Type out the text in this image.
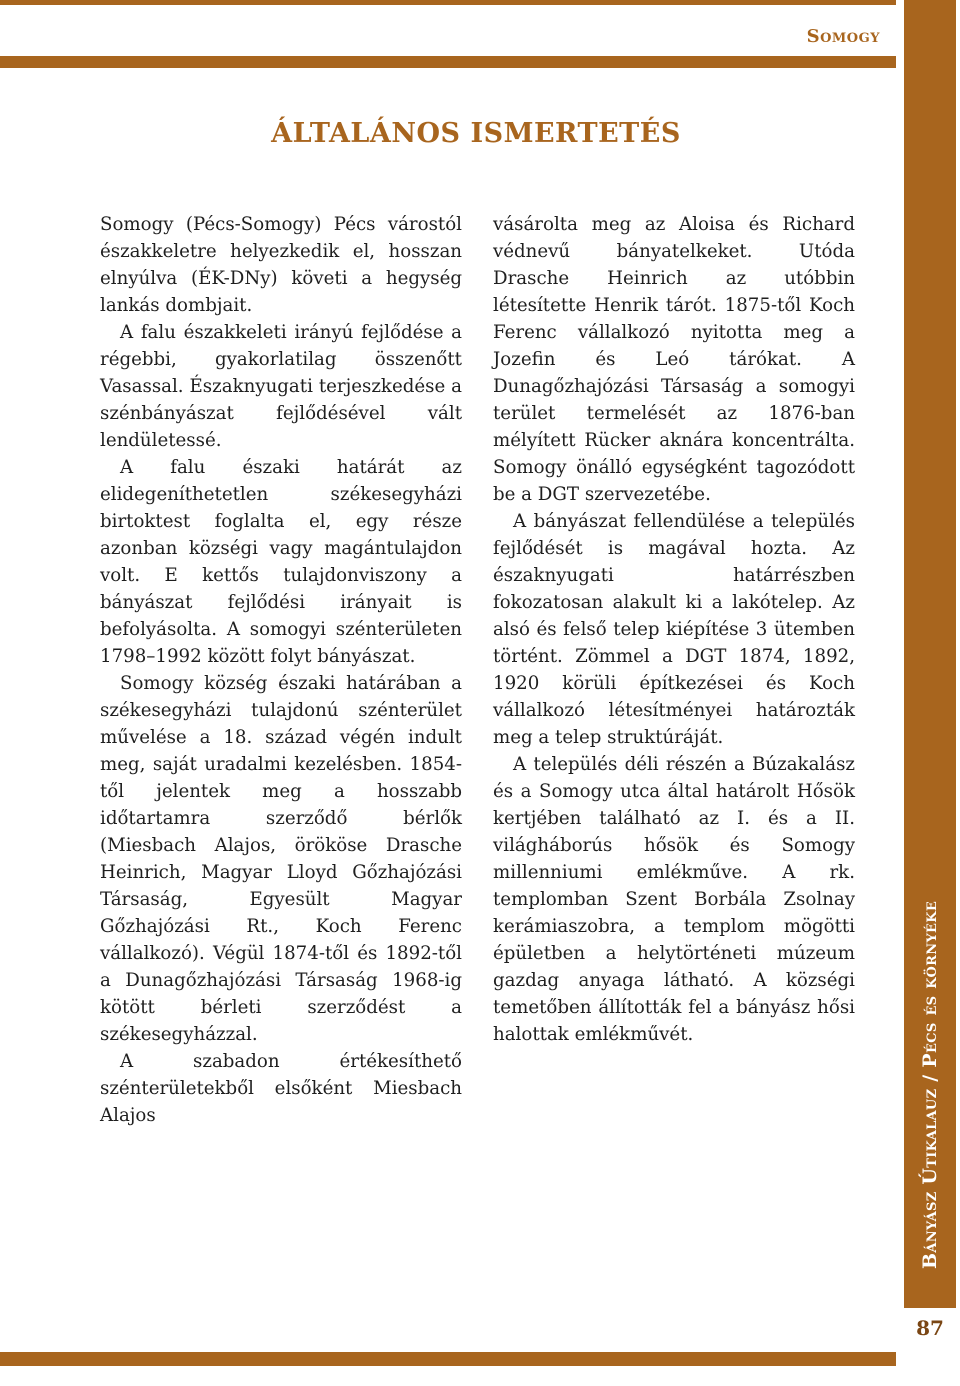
Somogy
Bányász Útikalauz / Pécs és környéke
87
ÁLTALÁNOS ISMERTETÉS

Somogy (Pécs-Somogy) Pécs várostól északkeletre helyezkedik el, hosszan elnyúlva (ÉK-DNy) követi a hegység lankás dombjait.

A falu északkeleti irányú fejlődése a régebbi, gyakorlatilag összenőtt Vasassal. Északnyugati terjeszkedése a szénbányászat fejlődésével vált lendületessé.

A falu északi határát az elidegeníthetetlen székesegyházi birtoktest foglalta el, egy része azonban községi vagy magántulajdon volt. E kettős tulajdonviszony a bányászat fejlődési irányait is befolyásolta. A somogyi szénterületen 1798–1992 között folyt bányászat.

Somogy község északi határában a székesegyházi tulajdonú szénterület művelése a 18. század végén indult meg, saját uradalmi kezelésben. 1854-től jelentek meg a hosszabb időtartamra szerződő bérlők (Miesbach Alajos, örököse Drasche Heinrich, Magyar Lloyd Gőzhajózási Társaság, Egyesült Magyar Gőzhajózási Rt., Koch Ferenc vállalkozó). Végül 1874-től és 1892-től a Dunagőzhajózási Társaság 1968-ig kötött bérleti szerződést a székesegyházzal.

A szabadon értékesíthető szénterületekből elsőként Miesbach Alajos

vásárolta meg az Aloisa és Richard védnevű bányatelkeket. Utóda Drasche Heinrich az utóbbin létesítette Henrik tárót. 1875-től Koch Ferenc vállalkozó nyitotta meg a Jozefin és Leó tárókat. A Dunagőzhajózási Társaság a somogyi terület termelését az 1876-ban mélyített Rücker aknára koncentrálta. Somogy önálló egységként tagozódott be a DGT szervezetébe.

A bányászat fellendülése a település fejlődését is magával hozta. Az északnyugati határrészben fokozatosan alakult ki a lakótelep. Az alsó és felső telep kiépítése 3 ütemben történt. Zömmel a DGT 1874, 1892, 1920 körüli építkezései és Koch vállalkozó létesítményei határozták meg a telep struktúráját.

A település déli részén a Búzakalász és a Somogy utca által határolt Hősök kertjében található az I. és a II. világháborús hősök és Somogy millenniumi emlékműve. A rk. templomban Szent Borbála Zsolnay kerámiaszobra, a templom mögötti épületben a helytörténeti múzeum gazdag anyaga látható. A községi temetőben állították fel a bányász hősi halottak emlékművét.
